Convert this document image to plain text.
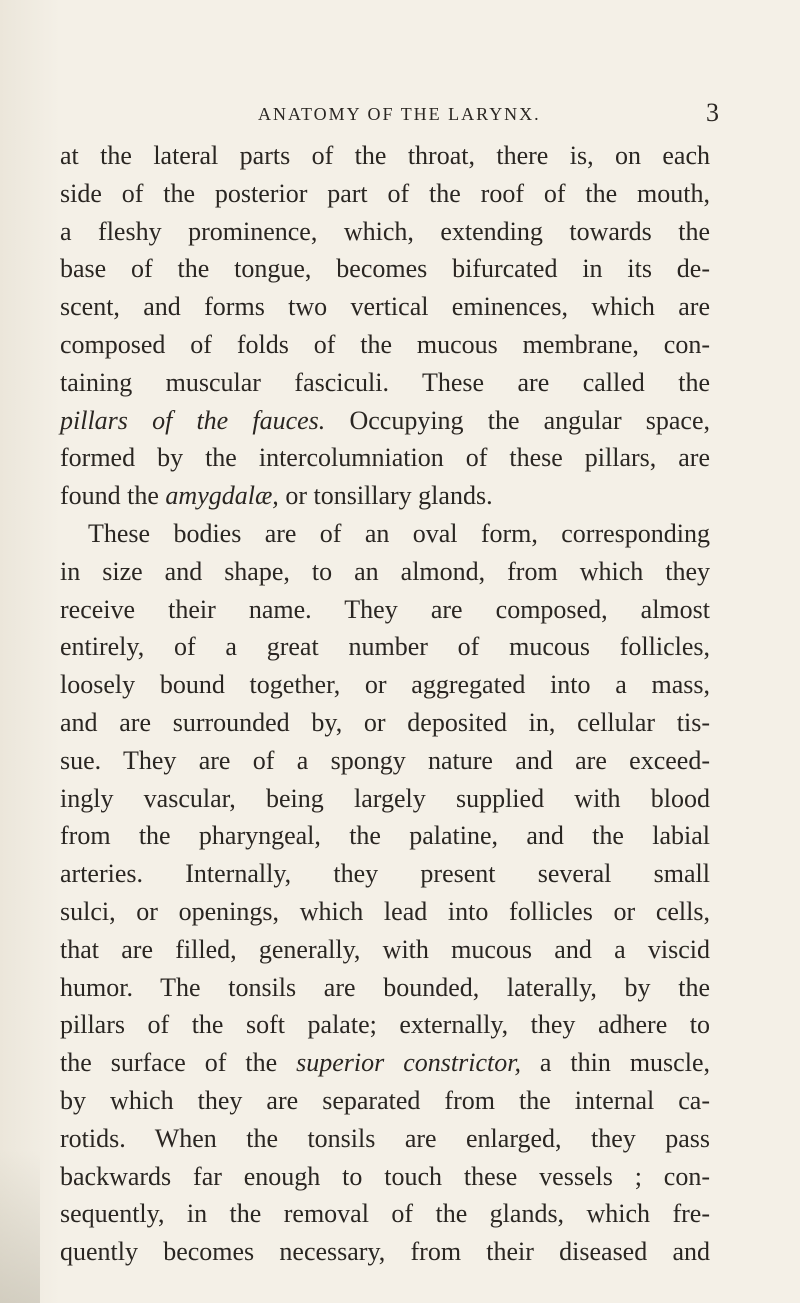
ANATOMY OF THE LARYNX.	3
at the lateral parts of the throat, there is, on each
side of the posterior part of the roof of the mouth,
a fleshy prominence, which, extending towards the
base of the tongue, becomes bifurcated in its de-
scent, and forms two vertical eminences, which are
composed of folds of the mucous membrane, con-
taining muscular fasciculi. These are called the
pillars of the fauces. Occupying the angular space,
formed by the intercolumniation of these pillars, are
found the amygdalæ, or tonsillary glands.
These bodies are of an oval form, corresponding
in size and shape, to an almond, from which they
receive their name. They are composed, almost
entirely, of a great number of mucous follicles,
loosely bound together, or aggregated into a mass,
and are surrounded by, or deposited in, cellular tis-
sue. They are of a spongy nature and are exceed-
ingly vascular, being largely supplied with blood
from the pharyngeal, the palatine, and the labial
arteries. Internally, they present several small
sulci, or openings, which lead into follicles or cells,
that are filled, generally, with mucous and a viscid
humor. The tonsils are bounded, laterally, by the
pillars of the soft palate; externally, they adhere to
the surface of the superior constrictor, a thin muscle,
by which they are separated from the internal ca-
rotids. When the tonsils are enlarged, they pass
backwards far enough to touch these vessels ; con-
sequently, in the removal of the glands, which fre-
quently becomes necessary, from their diseased and
